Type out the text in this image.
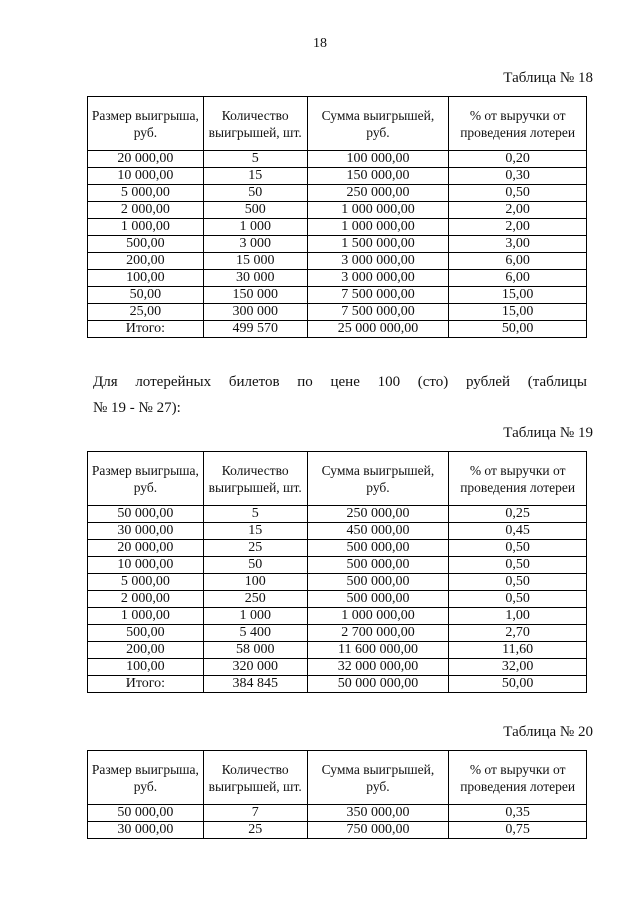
18
Таблица № 18
Размер выигрыша, руб.	Количество выигрышей, шт.	Сумма выигрышей, руб.	% от выручки от проведения лотереи
20 000,00	5	100 000,00	0,20
10 000,00	15	150 000,00	0,30
5 000,00	50	250 000,00	0,50
2 000,00	500	1 000 000,00	2,00
1 000,00	1 000	1 000 000,00	2,00
500,00	3 000	1 500 000,00	3,00
200,00	15 000	3 000 000,00	6,00
100,00	30 000	3 000 000,00	6,00
50,00	150 000	7 500 000,00	15,00
25,00	300 000	7 500 000,00	15,00
Итого:	499 570	25 000 000,00	50,00

Для лотерейных билетов по цене 100 (сто) рублей (таблицы

№ 19 - № 27):
Таблица № 19
Размер выигрыша, руб.	Количество выигрышей, шт.	Сумма выигрышей, руб.	% от выручки от проведения лотереи
50 000,00	5	250 000,00	0,25
30 000,00	15	450 000,00	0,45
20 000,00	25	500 000,00	0,50
10 000,00	50	500 000,00	0,50
5 000,00	100	500 000,00	0,50
2 000,00	250	500 000,00	0,50
1 000,00	1 000	1 000 000,00	1,00
500,00	5 400	2 700 000,00	2,70
200,00	58 000	11 600 000,00	11,60
100,00	320 000	32 000 000,00	32,00
Итого:	384 845	50 000 000,00	50,00
Таблица № 20
Размер выигрыша, руб.	Количество выигрышей, шт.	Сумма выигрышей, руб.	% от выручки от проведения лотереи
50 000,00	7	350 000,00	0,35
30 000,00	25	750 000,00	0,75
